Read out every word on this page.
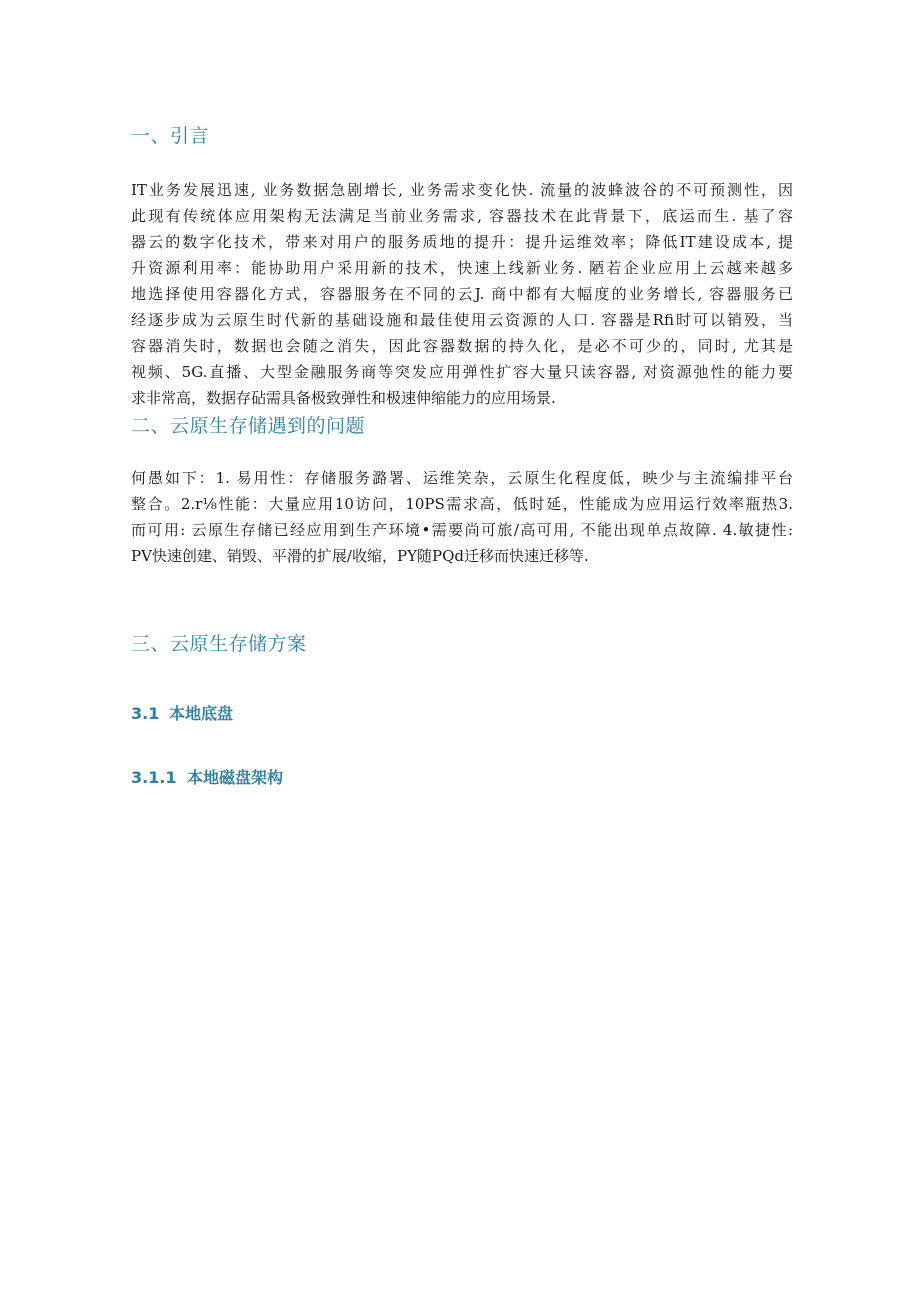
一、引言
IT业务发展迅速, 业务数据急剧增长, 业务需求变化快. 流量的波蜂波谷的不可预测性，因
此现有传统体应用架构无法满足当前业务需求, 容器技术在此背景下，底运而生. 基了容
器云的数字化技术，带来对用户的服务质地的提升：提升运维效率；降低IT建设成本, 提
升资源利用率：能协助用户采用新的技术，快速上线新业务. 陋若企业应用上云越来越多
地选择使用容器化方式，容器服务在不同的云J. 商中都有大幅度的业务增长, 容器服务已
经逐步成为云原生时代新的基础设施和最佳使用云资源的人口. 容器是Rfi时可以销殁，当
容器消失时，数据也会随之消失，因此容器数据的持久化，是必不可少的，同时, 尤其是
视频、5G.直播、大型金融服务商等突发应用弹性扩容大量只读容器, 对资源弛性的能力要
求非常高，数据存砧需具备极致弹性和极速伸缩能力的应用场景.
二、云原生存储遇到的问题
何愚如下：1. 易用性：存储服务潞署、运维笑杂，云原生化程度低，映少与主流编排平台
整合。2.r⅛性能：大量应用10访问，10PS需求高，低时延，性能成为应用运行效率瓶热3.
而可用: 云原生存储已经应用到生产环境•需要尚可旅/高可用, 不能出现单点故障. 4.敏捷性:
PV快速创建、销毁、平滑的扩展/收缩，PY随PQd迁移而快速迁移等.
三、云原生存储方案
3.1 本地底盘
3.1.1 本地磁盘架构
